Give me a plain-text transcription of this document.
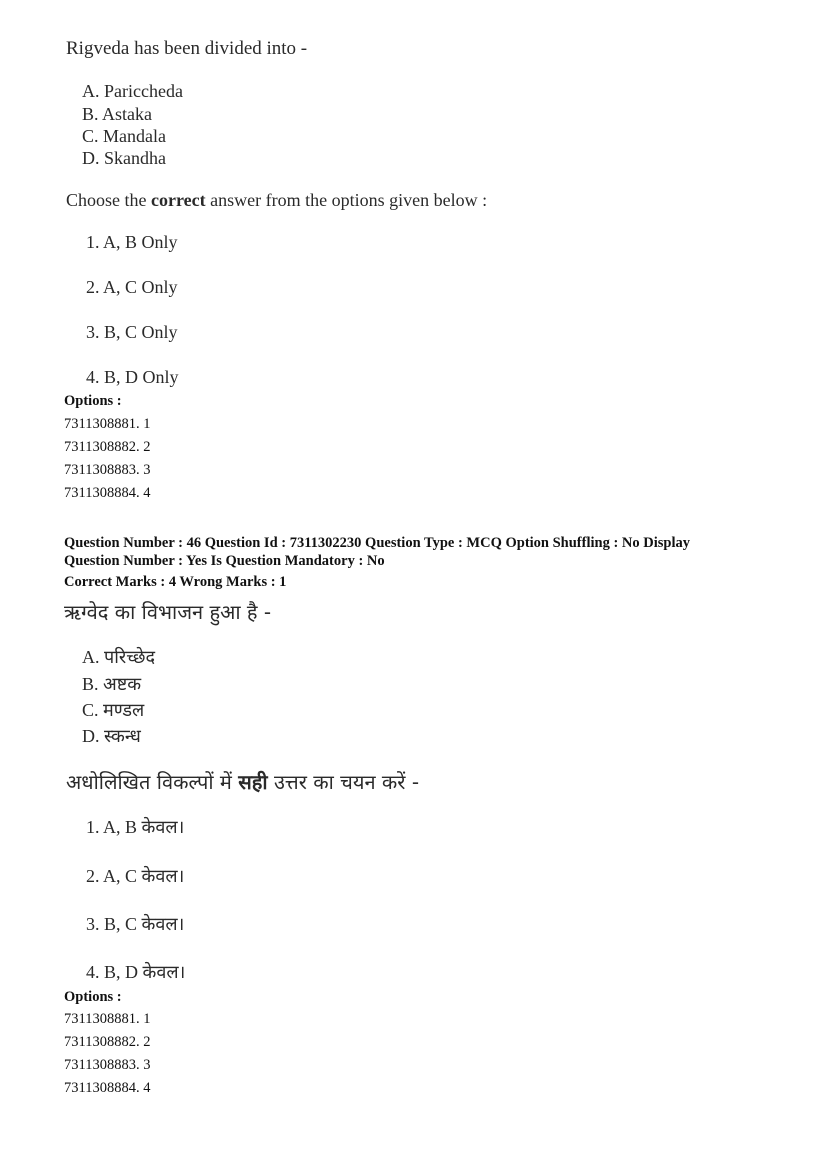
Rigveda has been divided into -
A. Pariccheda
B. Astaka
C. Mandala
D. Skandha
Choose the correct answer from the options given below :
1. A, B Only
2. A, C Only
3. B, C Only
4. B, D Only
Options :
7311308881. 1
7311308882. 2
7311308883. 3
7311308884. 4
Question Number : 46 Question Id : 7311302230 Question Type : MCQ Option Shuffling : No Display
Question Number : Yes Is Question Mandatory : No
Correct Marks : 4 Wrong Marks : 1
ऋग्वेद का विभाजन हुआ है -
A. परिच्छेद
B. अष्टक
C. मण्डल
D. स्कन्ध
अधोलिखित विकल्पों में सही उत्तर का चयन करें -
1. A, B केवल।
2. A, C केवल।
3. B, C केवल।
4. B, D केवल।
Options :
7311308881. 1
7311308882. 2
7311308883. 3
7311308884. 4
